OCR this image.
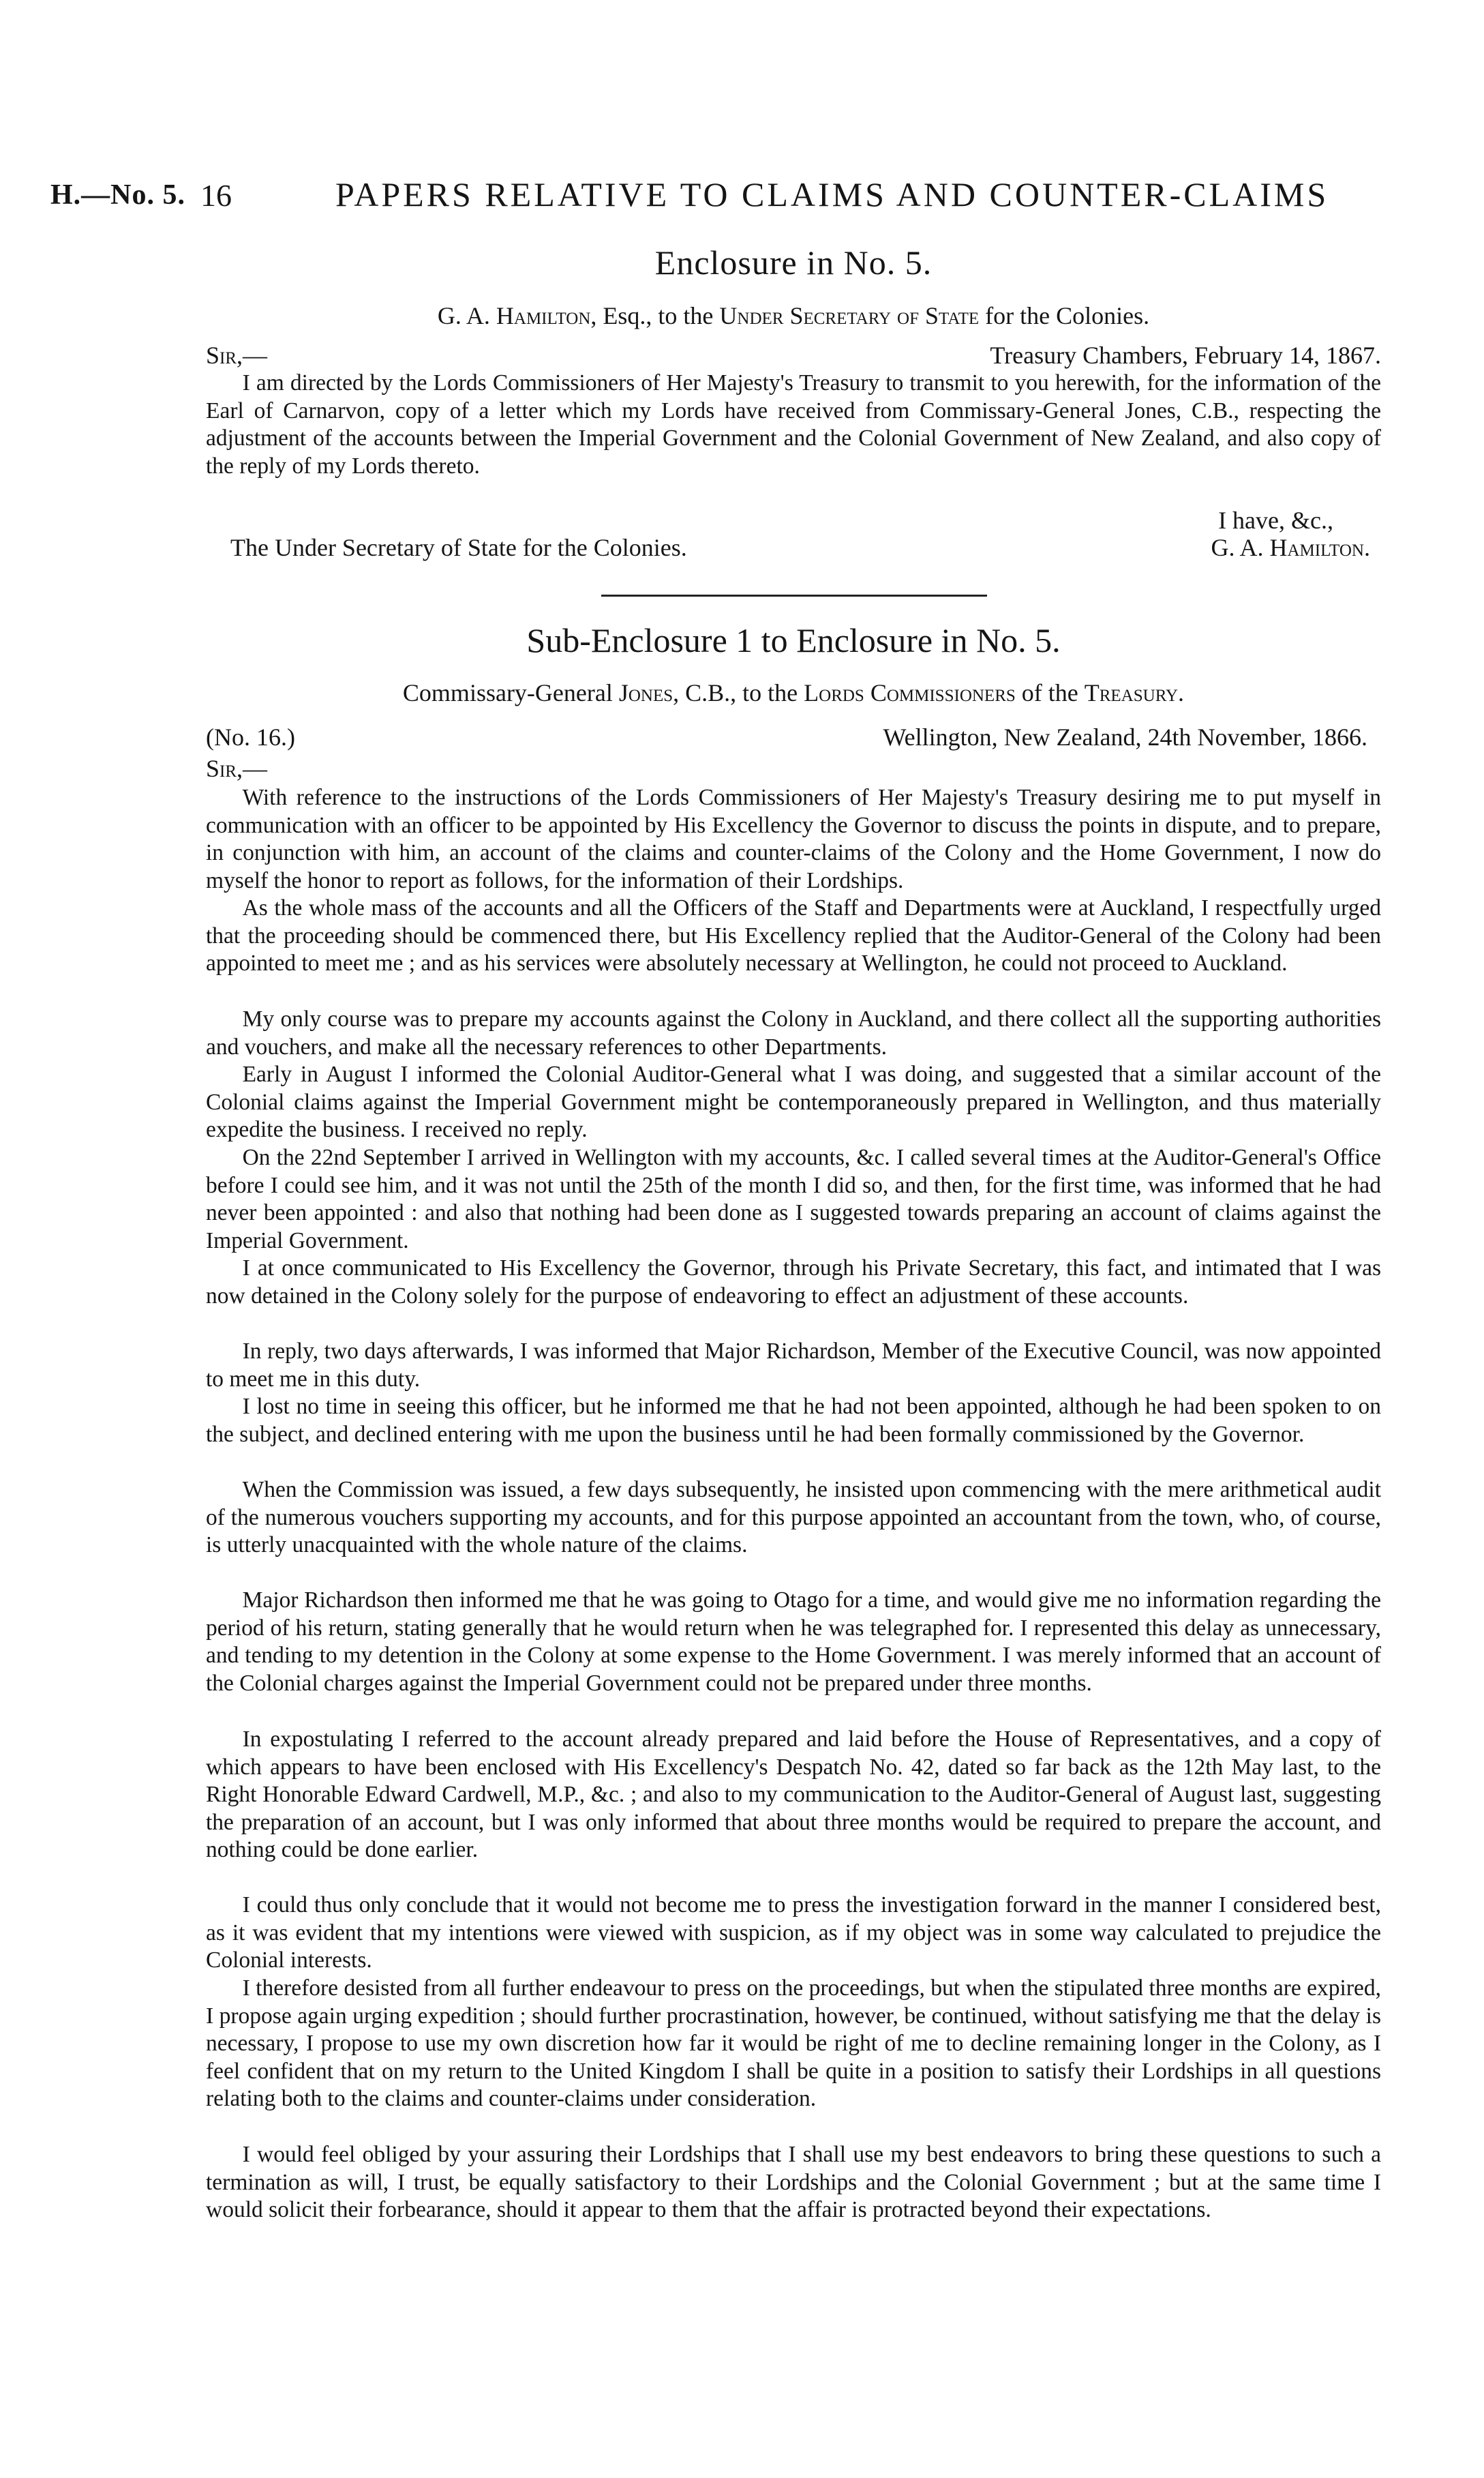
H.—No. 5. 16	PAPERS RELATIVE TO CLAIMS AND COUNTER-CLAIMS
Enclosure in No. 5.
G. A. Hamilton, Esq., to the Under Secretary of State for the Colonies.
Sir,—	Treasury Chambers, February 14, 1867.

I am directed by the Lords Commissioners of Her Majesty's Treasury to transmit to you herewith, for the information of the Earl of Carnarvon, copy of a letter which my Lords have received from Commissary-General Jones, C.B., respecting the adjustment of the accounts between the Imperial Government and the Colonial Government of New Zealand, and also copy of the reply of my Lords thereto.

I have, &c.,
The Under Secretary of State for the Colonies.	G. A. Hamilton.
Sub-Enclosure 1 to Enclosure in No. 5.
Commissary-General Jones, C.B., to the Lords Commissioners of the Treasury.
(No. 16.)	Wellington, New Zealand, 24th November, 1866.
Sir,—

With reference to the instructions of the Lords Commissioners of Her Majesty's Treasury desiring me to put myself in communication with an officer to be appointed by His Excellency the Governor to discuss the points in dispute, and to prepare, in conjunction with him, an account of the claims and counter-claims of the Colony and the Home Government, I now do myself the honor to report as follows, for the information of their Lordships.

As the whole mass of the accounts and all the Officers of the Staff and Departments were at Auckland, I respectfully urged that the proceeding should be commenced there, but His Excellency replied that the Auditor-General of the Colony had been appointed to meet me ; and as his services were absolutely necessary at Wellington, he could not proceed to Auckland.

My only course was to prepare my accounts against the Colony in Auckland, and there collect all the supporting authorities and vouchers, and make all the necessary references to other Departments.

Early in August I informed the Colonial Auditor-General what I was doing, and suggested that a similar account of the Colonial claims against the Imperial Government might be contemporaneously prepared in Wellington, and thus materially expedite the business. I received no reply.

On the 22nd September I arrived in Wellington with my accounts, &c. I called several times at the Auditor-General's Office before I could see him, and it was not until the 25th of the month I did so, and then, for the first time, was informed that he had never been appointed : and also that nothing had been done as I suggested towards preparing an account of claims against the Imperial Government.

I at once communicated to His Excellency the Governor, through his Private Secretary, this fact, and intimated that I was now detained in the Colony solely for the purpose of endeavoring to effect an adjustment of these accounts.

In reply, two days afterwards, I was informed that Major Richardson, Member of the Executive Council, was now appointed to meet me in this duty.

I lost no time in seeing this officer, but he informed me that he had not been appointed, although he had been spoken to on the subject, and declined entering with me upon the business until he had been formally commissioned by the Governor.

When the Commission was issued, a few days subsequently, he insisted upon commencing with the mere arithmetical audit of the numerous vouchers supporting my accounts, and for this purpose appointed an accountant from the town, who, of course, is utterly unacquainted with the whole nature of the claims.

Major Richardson then informed me that he was going to Otago for a time, and would give me no information regarding the period of his return, stating generally that he would return when he was telegraphed for. I represented this delay as unnecessary, and tending to my detention in the Colony at some expense to the Home Government. I was merely informed that an account of the Colonial charges against the Imperial Government could not be prepared under three months.

In expostulating I referred to the account already prepared and laid before the House of Representatives, and a copy of which appears to have been enclosed with His Excellency's Despatch No. 42, dated so far back as the 12th May last, to the Right Honorable Edward Cardwell, M.P., &c. ; and also to my communication to the Auditor-General of August last, suggesting the preparation of an account, but I was only informed that about three months would be required to prepare the account, and nothing could be done earlier.

I could thus only conclude that it would not become me to press the investigation forward in the manner I considered best, as it was evident that my intentions were viewed with suspicion, as if my object was in some way calculated to prejudice the Colonial interests.

I therefore desisted from all further endeavour to press on the proceedings, but when the stipulated three months are expired, I propose again urging expedition ; should further procrastination, however, be continued, without satisfying me that the delay is necessary, I propose to use my own discretion how far it would be right of me to decline remaining longer in the Colony, as I feel confident that on my return to the United Kingdom I shall be quite in a position to satisfy their Lordships in all questions relating both to the claims and counter-claims under consideration.

I would feel obliged by your assuring their Lordships that I shall use my best endeavors to bring these questions to such a termination as will, I trust, be equally satisfactory to their Lordships and the Colonial Government ; but at the same time I would solicit their forbearance, should it appear to them that the affair is protracted beyond their expectations.
